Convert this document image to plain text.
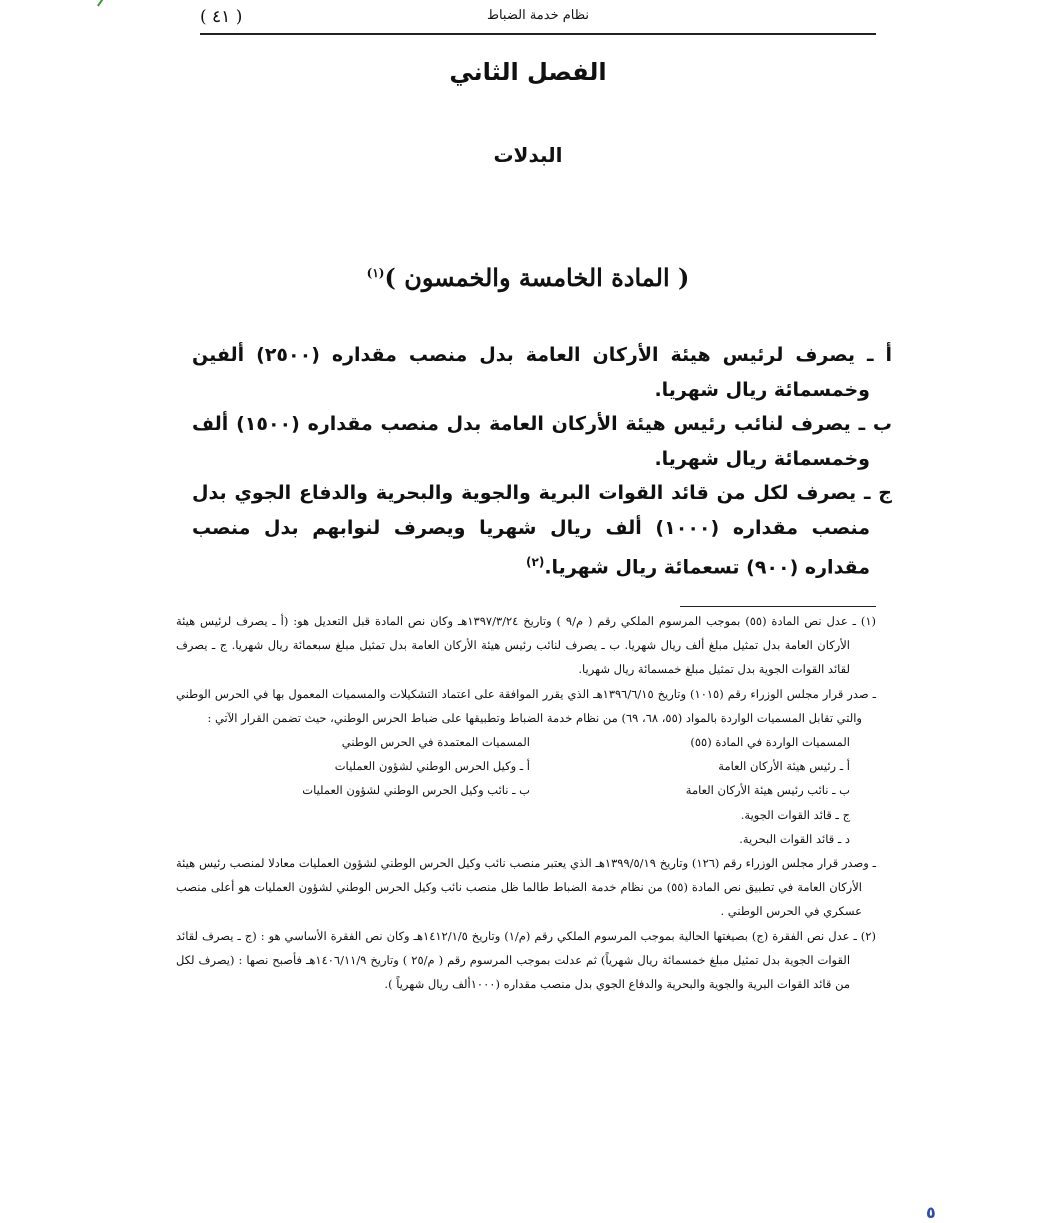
نظام خدمة الضباط
( ٤١ )
الفصل الثاني
البدلات
( المادة الخامسة والخمسون )$^{(١)}$

أ ـ يصرف لرئيس هيئة الأركان العامة بدل منصب مقداره (٢٥٠٠) ألفين وخمسمائة ريال شهريا.

ب ـ يصرف لنائب رئيس هيئة الأركان العامة بدل منصب مقداره (١٥٠٠) ألف وخمسمائة ريال شهريا.

ج ـ يصرف لكل من قائد القوات البرية والجوية والبحرية والدفاع الجوي بدل منصب مقداره (١٠٠٠) ألف ريال شهريا ويصرف لنوابهم بدل منصب مقداره (٩٠٠) تسعمائة ريال شهريا.$^{(٢)}$

(١) ـ عدل نص المادة (٥٥) بموجب المرسوم الملكي رقم ( م/٩ ) وتاريخ ١٣٩٧/٣/٢٤هـ وكان نص المادة قبل التعديل هو: (أ ـ يصرف لرئيس هيئة الأركان العامة بدل تمثيل مبلغ ألف ريال شهريا. ب ـ يصرف لنائب رئيس هيئة الأركان العامة بدل تمثيل مبلغ سبعمائة ريال شهريا. ج ـ يصرف لقائد القوات الجوية بدل تمثيل مبلغ خمسمائة ريال شهريا.

ـ صدر قرار مجلس الوزراء رقم (١٠١٥) وتاريخ ١٣٩٦/٦/١٥هـ الذي يقرر الموافقة على اعتماد التشكيلات والمسميات المعمول بها في الحرس الوطني والتي تقابل المسميات الواردة بالمواد (٥٥، ٦٨، ٦٩) من نظام خدمة الضباط وتطبيقها على ضباط الحرس الوطني، حيث تضمن القرار الآتي :

المسميات الواردة في المادة (٥٥)	المسميات المعتمدة في الحرس الوطني
أ ـ رئيس هيئة الأركان العامة	أ ـ وكيل الحرس الوطني لشؤون العمليات
ب ـ نائب رئيس هيئة الأركان العامة	ب ـ نائب وكيل الحرس الوطني لشؤون العمليات
ج ـ قائد القوات الجوية.	
د ـ قائد القوات البحرية.	

ـ وصدر قرار مجلس الوزراء رقم (١٢٦) وتاريخ ١٣٩٩/٥/١٩هـ الذي يعتبر منصب نائب وكيل الحرس الوطني لشؤون العمليات معادلا لمنصب رئيس هيئة الأركان العامة في تطبيق نص المادة (٥٥) من نظام خدمة الضباط طالما ظل منصب نائب وكيل الحرس الوطني لشؤون العمليات هو أعلى منصب عسكري في الحرس الوطني .

(٢) ـ عدل نص الفقرة (ج) بصيغتها الحالية بموجب المرسوم الملكي رقم (م/١) وتاريخ ١٤١٢/١/٥هـ وكان نص الفقرة الأساسي هو : (ج ـ يصرف لقائد القوات الجوية بدل تمثيل مبلغ خمسمائة ريال شهرياً) ثم عدلت بموجب المرسوم رقم ( م/٢٥ ) وتاريخ ١٤٠٦/١١/٩هـ فأصبح نصها : (يصرف لكل من قائد القوات البرية والجوية والبحرية والدفاع الجوي بدل منصب مقداره (١٠٠٠ألف ريال شهرياً ).

٥
